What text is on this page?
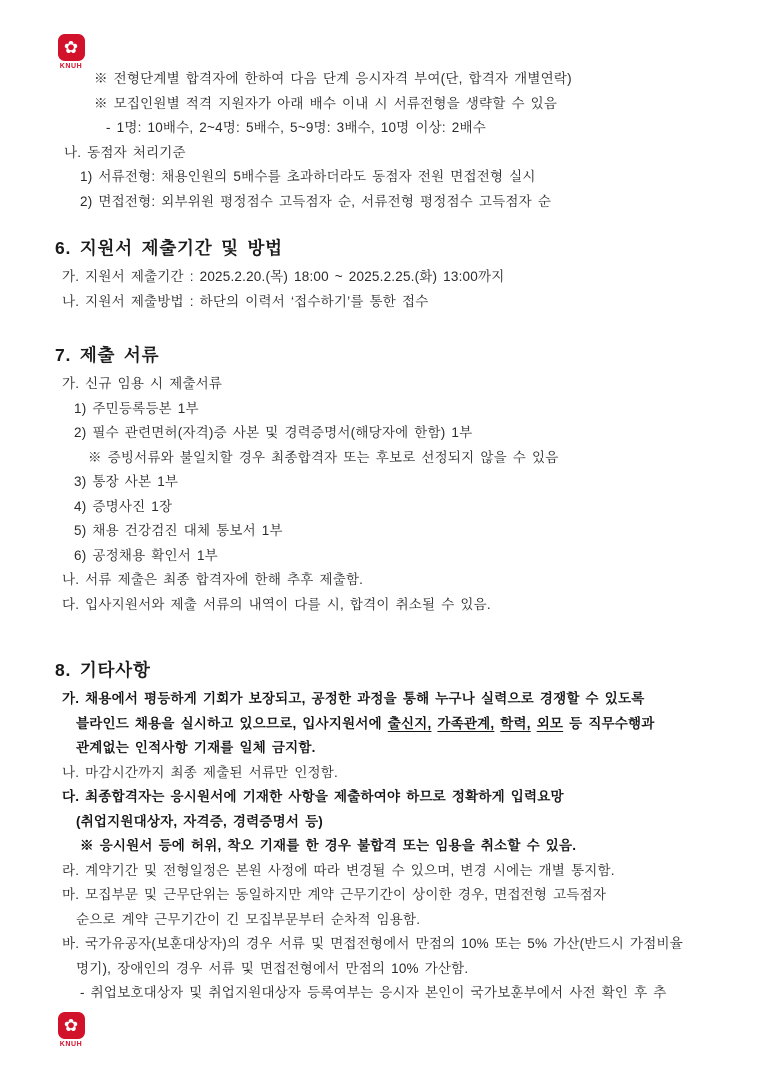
✿
KNUH
※ 전형단계별 합격자에 한하여 다음 단계 응시자격 부여(단, 합격자 개별연락)
※ 모집인원별 적격 지원자가 아래 배수 이내 시 서류전형을 생략할 수 있음
- 1명: 10배수, 2~4명: 5배수, 5~9명: 3배수, 10명 이상: 2배수
나. 동점자 처리기준
1) 서류전형: 채용인원의 5배수를 초과하더라도 동점자 전원 면접전형 실시
2) 면접전형: 외부위원 평정점수 고득점자 순, 서류전형 평정점수 고득점자 순
6. 지원서 제출기간 및 방법
가. 지원서 제출기간 : 2025.2.20.(목) 18:00 ~ 2025.2.25.(화) 13:00까지
나. 지원서 제출방법 : 하단의 이력서 ‘접수하기’를 통한 접수
7. 제출 서류
가. 신규 임용 시 제출서류
1) 주민등록등본 1부
2) 필수 관련면허(자격)증 사본 및 경력증명서(해당자에 한함) 1부
※ 증빙서류와 불일치할 경우 최종합격자 또는 후보로 선정되지 않을 수 있음
3) 통장 사본 1부
4) 증명사진 1장
5) 채용 건강검진 대체 통보서 1부
6) 공정채용 확인서 1부
나. 서류 제출은 최종 합격자에 한해 추후 제출함.
다. 입사지원서와 제출 서류의 내역이 다를 시, 합격이 취소될 수 있음.
8. 기타사항
가. 채용에서 평등하게 기회가 보장되고, 공정한 과정을 통해 누구나 실력으로 경쟁할 수 있도록
블라인드 채용을 실시하고 있으므로, 입사지원서에 출신지, 가족관계, 학력, 외모 등 직무수행과
관계없는 인적사항 기재를 일체 금지함.
나. 마감시간까지 최종 제출된 서류만 인정함.
다. 최종합격자는 응시원서에 기재한 사항을 제출하여야 하므로 정확하게 입력요망
(취업지원대상자, 자격증, 경력증명서 등)
※ 응시원서 등에 허위, 착오 기재를 한 경우 불합격 또는 임용을 취소할 수 있음.
라. 계약기간 및 전형일정은 본원 사정에 따라 변경될 수 있으며, 변경 시에는 개별 통지함.
마. 모집부문 및 근무단위는 동일하지만 계약 근무기간이 상이한 경우, 면접전형 고득점자
순으로 계약 근무기간이 긴 모집부문부터 순차적 임용함.
바. 국가유공자(보훈대상자)의 경우 서류 및 면접전형에서 만점의 10% 또는 5% 가산(반드시 가점비율
명기), 장애인의 경우 서류 및 면접전형에서 만점의 10% 가산함.
- 취업보호대상자 및 취업지원대상자 등록여부는 응시자 본인이 국가보훈부에서 사전 확인 후 추
✿
KNUH
